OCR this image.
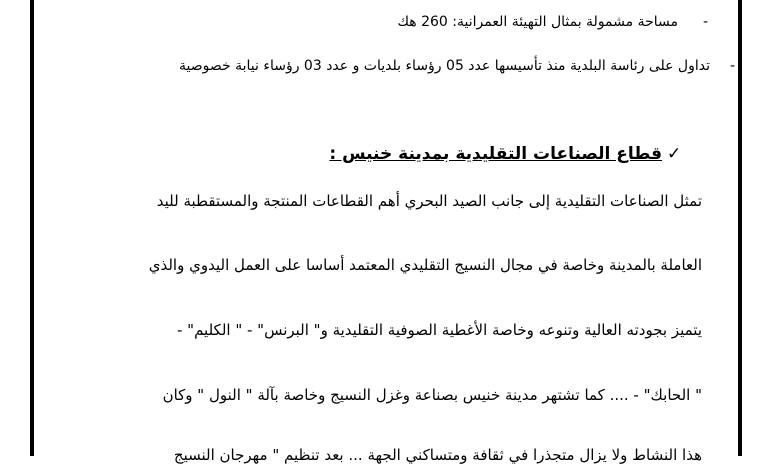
-
مساحة مشمولة بمثال التهيئة العمرانية: 260 هك
-
تداول على رئاسة البلدية منذ تأسيسها عدد 05 رؤساء بلديات و عدد 03 رؤساء نيابة خصوصية
✓
قطاع الصناعات التقليدية بمدينة خنيس :
تمثل الصناعات التقليدية إلى جانب الصيد البحري أهم القطاعات المنتجة والمستقطبة لليد
العاملة بالمدينة وخاصة في مجال النسيج التقليدي المعتمد أساسا على العمل اليدوي والذي
يتميز بجودته العالية وتنوعه وخاصة الأغطية الصوفية التقليدية و" البرنس" - " الكليم" -
" الحابك" - .... كما تشتهر مدينة خنيس بصناعة وغزل النسيج وخاصة بآلة " النول " وكان
هذا النشاط ولا يزال متجذرا في ثقافة ومتساكني الجهة ... بعد تنظيم " مهرجان النسيج
